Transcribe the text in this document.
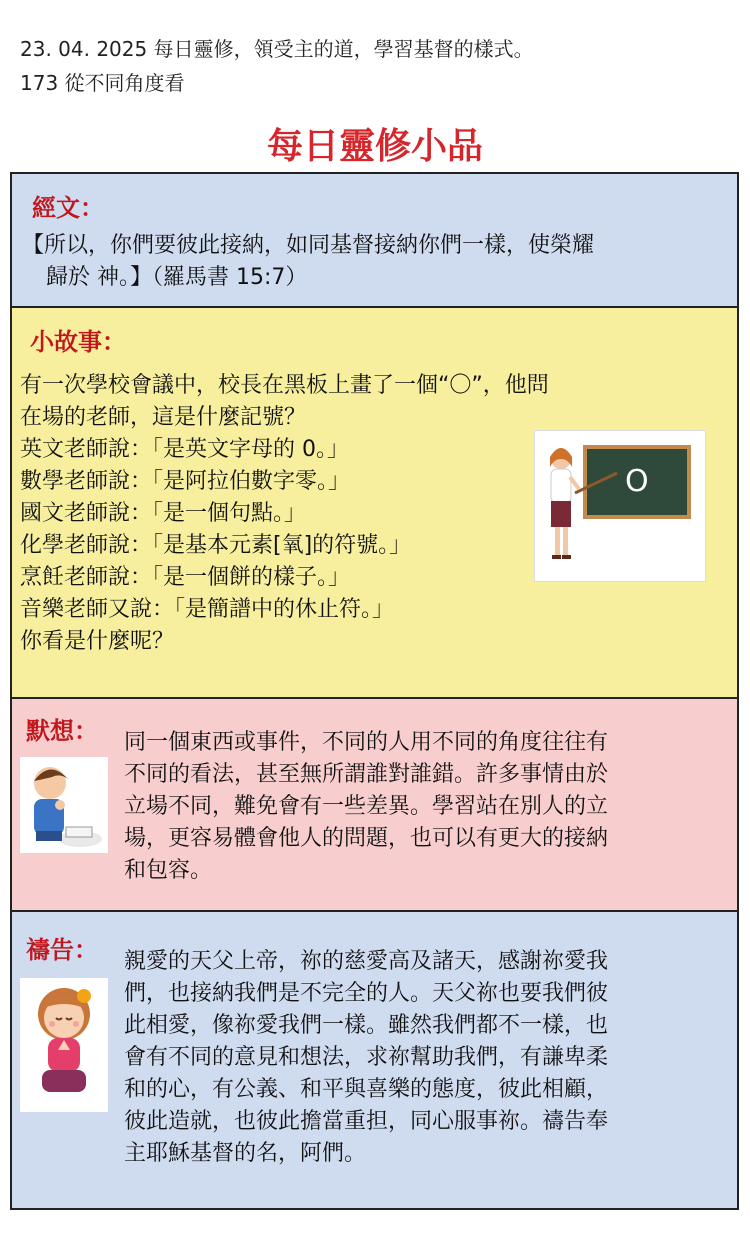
23. 04. 2025 每日靈修，領受主的道，學習基督的樣式。
173 從不同角度看
每日靈修小品
經文：
【所以，你們要彼此接納，如同基督接納你們一樣，使榮耀
歸於 神。】（羅馬書 15:7）
小故事：
有一次學校會議中，校長在黑板上畫了一個“〇”，他問
在場的老師，這是什麼記號？
英文老師說：「是英文字母的 0。」
數學老師說：「是阿拉伯數字零。」
國文老師說：「是一個句點。」
化學老師說：「是基本元素[氧]的符號。」
烹飪老師說：「是一個餅的樣子。」
音樂老師又說：「是簡譜中的休止符。」
你看是什麼呢？
O
默想： 同一個東西或事件，不同的人用不同的角度往往有
不同的看法，甚至無所謂誰對誰錯。許多事情由於
立場不同，難免會有一些差異。學習站在別人的立
場，更容易體會他人的問題，也可以有更大的接納
和包容。
禱告： 親愛的天父上帝，祢的慈愛高及諸天，感謝祢愛我
們，也接納我們是不完全的人。天父祢也要我們彼
此相愛，像祢愛我們一樣。雖然我們都不一樣，也
會有不同的意見和想法，求祢幫助我們，有謙卑柔
和的心，有公義、和平與喜樂的態度，彼此相顧，
彼此造就，也彼此擔當重担，同心服事祢。禱告奉
主耶穌基督的名，阿們。
